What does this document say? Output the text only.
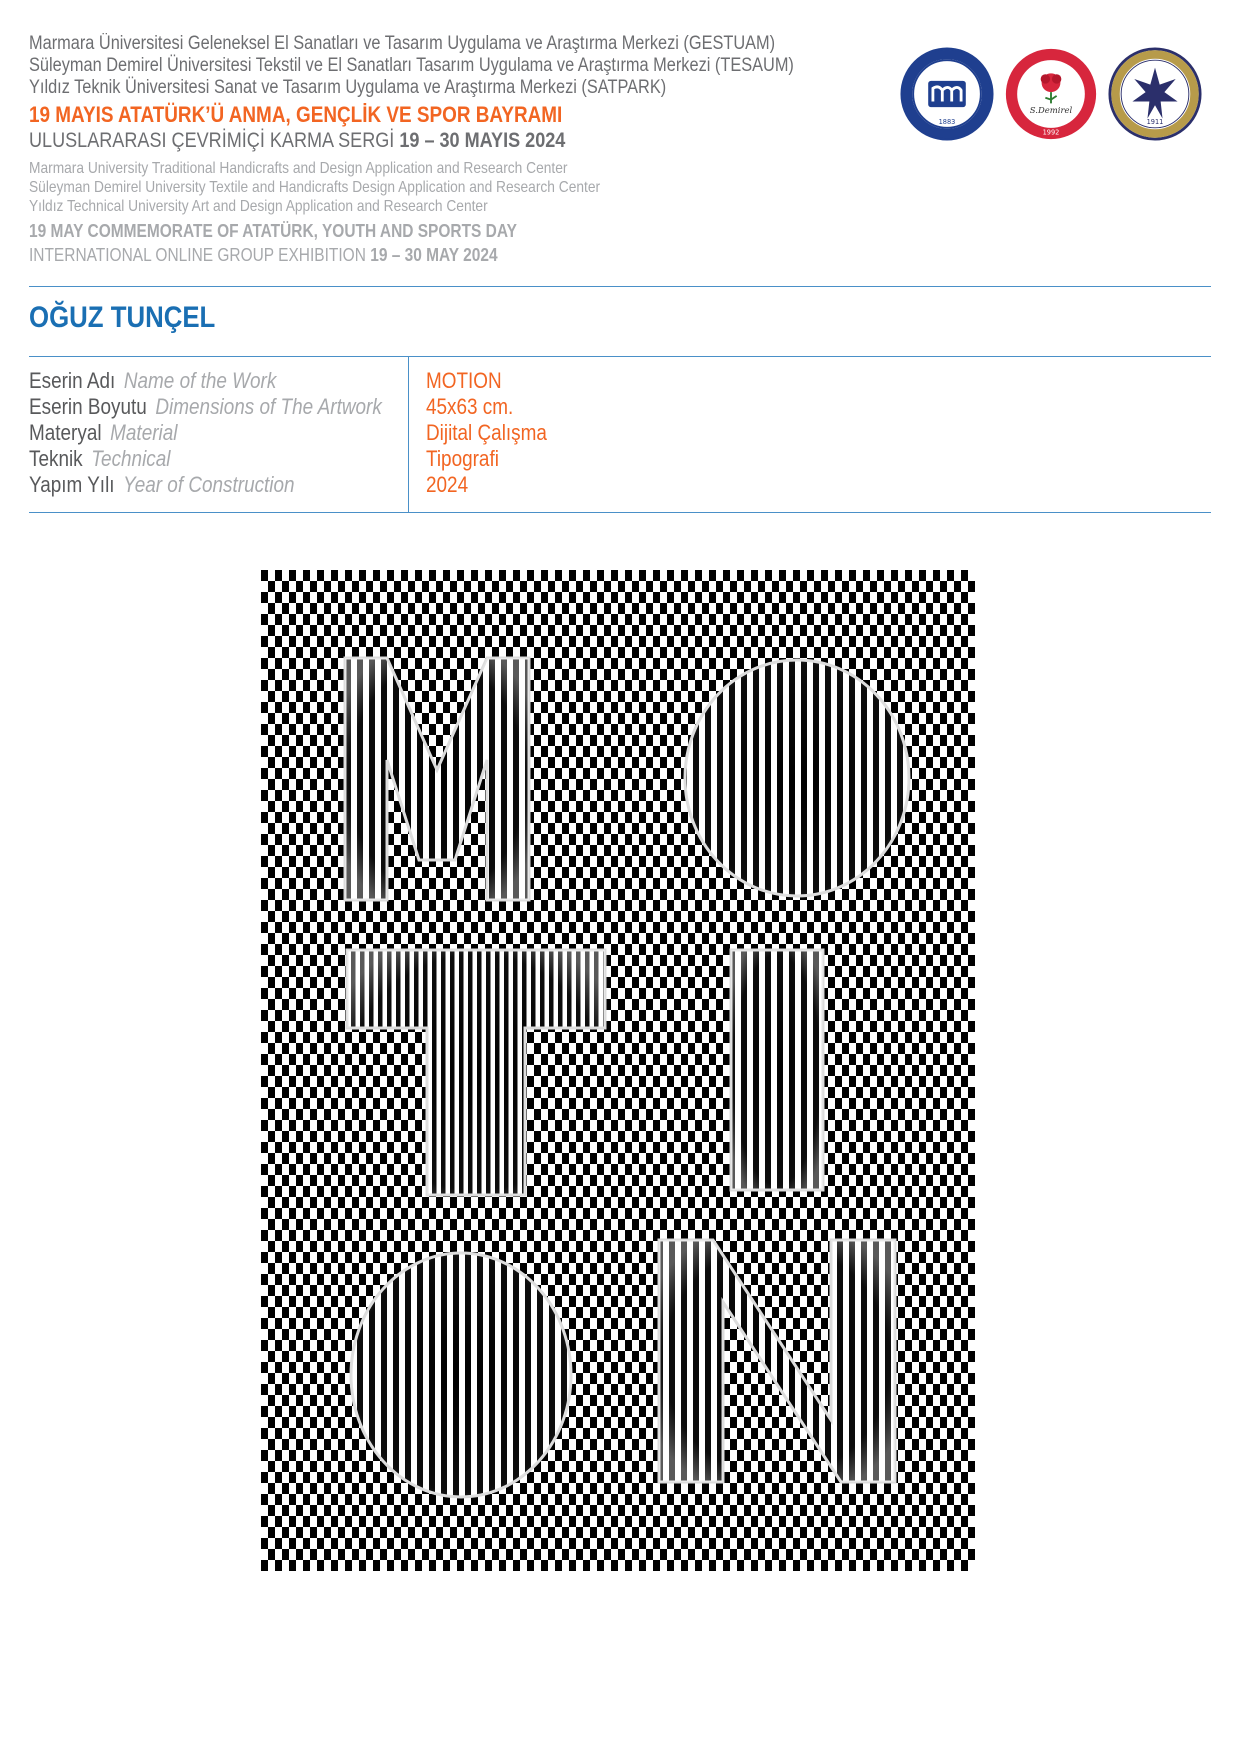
Marmara Üniversitesi Geleneksel El Sanatları ve Tasarım Uygulama ve Araştırma Merkezi (GESTUAM)
Süleyman Demirel Üniversitesi Tekstil ve El Sanatları Tasarım Uygulama ve Araştırma Merkezi (TESAUM)
Yıldız Teknik Üniversitesi Sanat ve Tasarım Uygulama ve Araştırma Merkezi (SATPARK)
19 MAYIS ATATÜRK’Ü ANMA, GENÇLİK VE SPOR BAYRAMI
ULUSLARARASI ÇEVRİMİÇİ KARMA SERGİ 19 – 30 MAYIS 2024
Marmara University Traditional Handicrafts and Design Application and Research Center
Süleyman Demirel University Textile and Handicrafts Design Application and Research Center
Yıldız Technical University Art and Design Application and Research Center
19 MAY COMMEMORATE OF ATATÜRK, YOUTH AND SPORTS DAY
INTERNATIONAL ONLINE GROUP EXHIBITION 19 – 30 MAY 2024
1883
S.Demirel
1992
1911
OĞUZ TUNÇEL
Eserin Adı Name of the Work
Eserin Boyutu Dimensions of The Artwork
Materyal Material
Teknik Technical
Yapım Yılı Year of Construction
MOTION
45x63 cm.
Dijital Çalışma
Tipografi
2024
